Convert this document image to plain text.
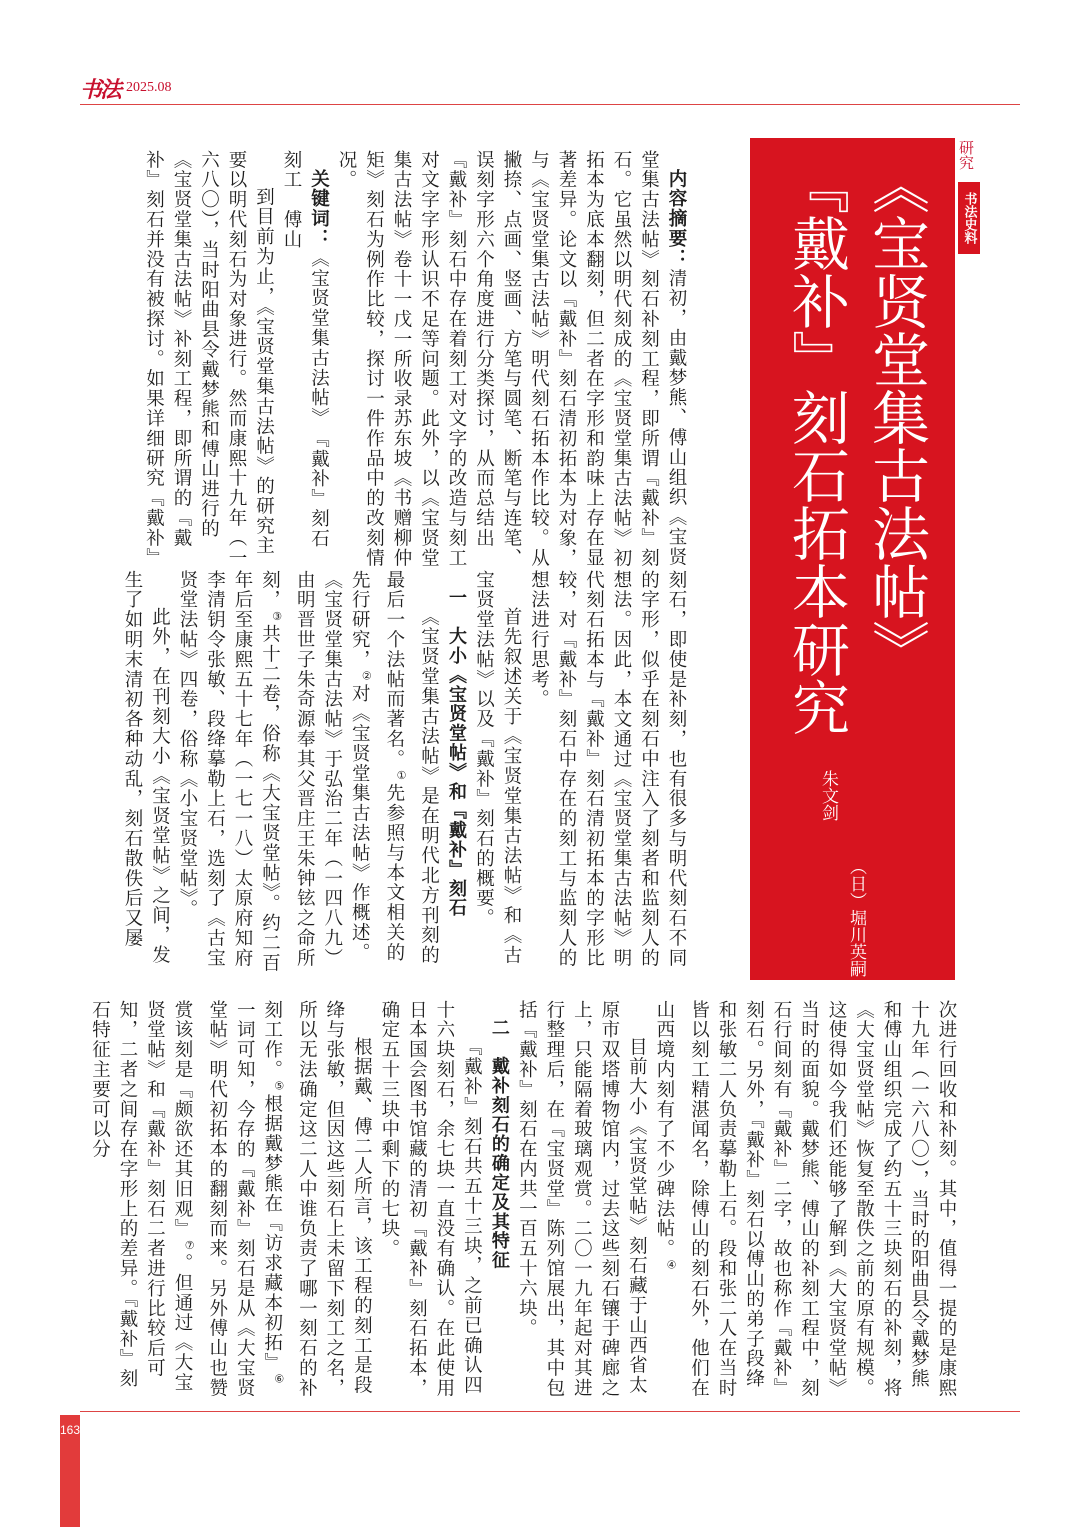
书法 2025.08
163
研究
书法史料
《宝贤堂集古法帖》
『戴补』刻石拓本研究
朱文剑
（日）堀川英嗣
内容摘要：清初，由戴梦熊、傅山组织《宝贤堂集古法帖》刻石补刻工程，即所谓『戴补』刻石。它虽然以明代刻成的《宝贤堂集古法帖》初拓本为底本翻刻，但二者在字形和韵味上存在显著差异。论文以『戴补』刻石清初拓本为对象，与《宝贤堂集古法帖》明代刻石拓本作比较。从撇捺、点画、竖画、方笔与圆笔、断笔与连笔、误刻字形六个角度进行分类探讨，从而总结出『戴补』刻石中存在着刻工对文字的改造与刻工对文字字形认识不足等问题。此外，以《宝贤堂集古法帖》卷十一戊一所收录苏东坡《书赠柳仲矩》刻石为例作比较，探讨一件作品中的改刻情况。
关键词：《宝贤堂集古法帖》　『戴补』刻石　刻工　傅山
到目前为止，《宝贤堂集古法帖》的研究主要以明代刻石为对象进行。然而康熙十九年（一六八〇），当时阳曲县令戴梦熊和傅山进行的《宝贤堂集古法帖》补刻工程，即所谓的『戴补』刻石并没有被探讨。如果详细研究『戴补』
刻石，即使是补刻，也有很多与明代刻石不同的字形，似乎在刻石中注入了刻者和监刻人的想法。因此，本文通过《宝贤堂集古法帖》明代刻石拓本与『戴补』刻石清初拓本的字形比较，对『戴补』刻石中存在的刻工与监刻人的想法进行思考。
首先叙述关于《宝贤堂集古法帖》和《古宝贤堂法帖》以及『戴补』刻石的概要。
一　大小《宝贤堂帖》和『戴补』刻石
《宝贤堂集古法帖》是在明代北方刊刻的最后一个法帖而著名。①先参照与本文相关的先行研究，②对《宝贤堂集古法帖》作概述。《宝贤堂集古法帖》于弘治二年（一四八九）由明晋世子朱奇源奉其父晋庄王朱钟铉之命所刻，③共十二卷，俗称《大宝贤堂帖》。约二百年后至康熙五十七年（一七一八）太原府知府李清钥令张敏、段绛摹勒上石，选刻了《古宝贤堂法帖》四卷，俗称《小宝贤堂帖》。
此外，在刊刻大小《宝贤堂帖》之间，发生了如明末清初各种动乱，刻石散佚后又屡
次进行回收和补刻。其中，值得一提的是康熙十九年（一六八〇），当时的阳曲县令戴梦熊和傅山组织完成了约五十三块刻石的补刻，将《大宝贤堂帖》恢复至散佚之前的原有规模。这使得如今我们还能够了解到《大宝贤堂帖》当时的面貌。戴梦熊、傅山的补刻工程中，刻石行间刻有『戴补』二字，故也称作『戴补』刻石。另外，『戴补』刻石以傅山的弟子段绛和张敏二人负责摹勒上石。段和张二人在当时皆以刻工精湛闻名，除傅山的刻石外，他们在山西境内刻有了不少碑法帖。④
目前大小《宝贤堂帖》刻石藏于山西省太原市双塔博物馆内，过去这些刻石镶于碑廊之上，只能隔着玻璃观赏。二〇一九年起对其进行整理后，在『宝贤堂』陈列馆展出，其中包括『戴补』刻石在内共一百五十六块。
二　戴补刻石的确定及其特征
『戴补』刻石共五十三块，之前已确认四十六块刻石，余七块一直没有确认。在此使用日本国会图书馆藏的清初『戴补』刻石拓本，确定五十三块中剩下的七块。
根据戴、傅二人所言，该工程的刻工是段绛与张敏，但因这些刻石上未留下刻工之名，所以无法确定这二人中谁负责了哪一刻石的补刻工作。⑤根据戴梦熊在『访求藏本初拓』⑥一词可知，今存的『戴补』刻石是从《大宝贤堂帖》明代初拓本的翻刻而来。另外傅山也赞赏该刻是『颇欲还其旧观』⑦。但通过《大宝贤堂帖》和『戴补』刻石二者进行比较后可知，二者之间存在字形上的差异。『戴补』刻石特征主要可以分
